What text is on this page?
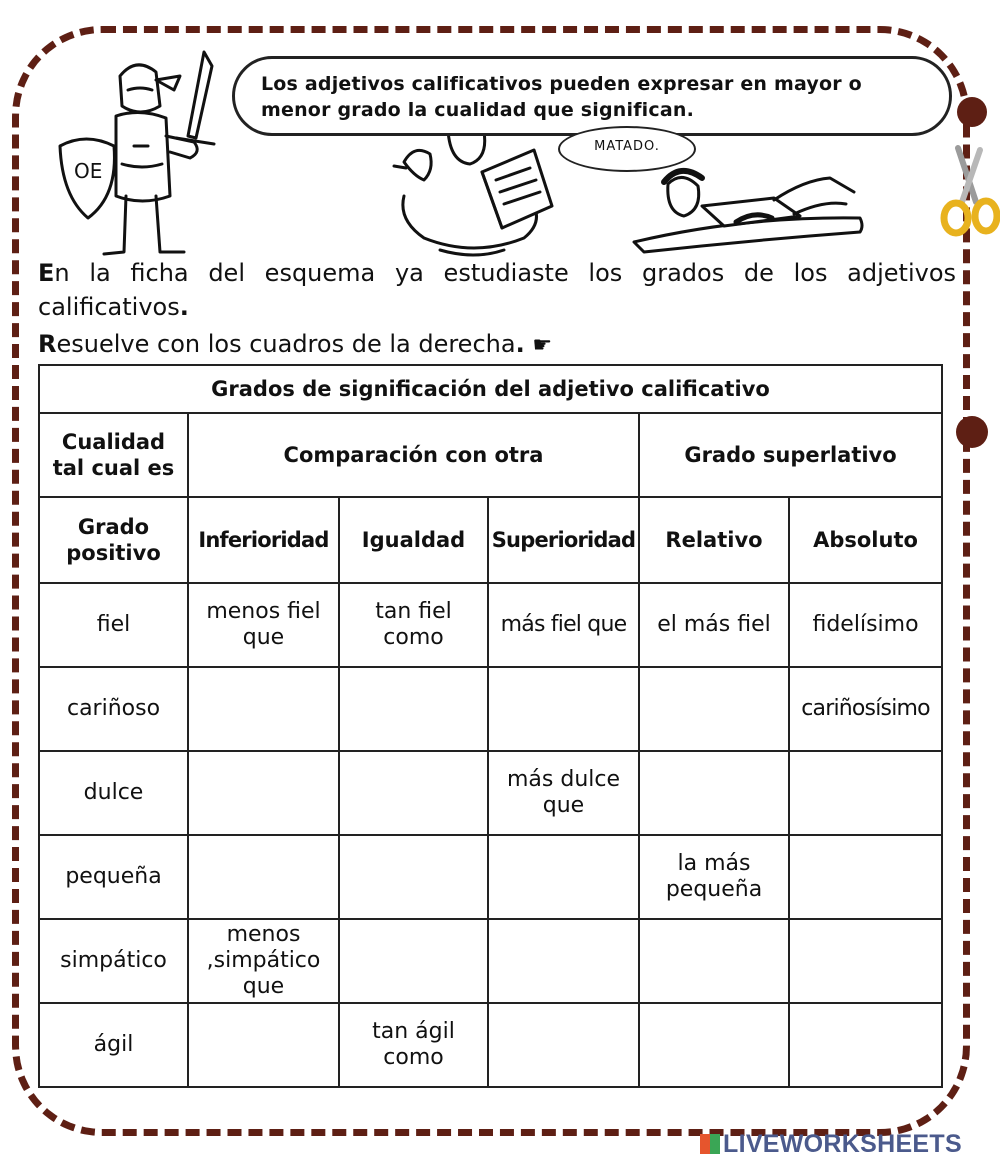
OE
Los adjetivos calificativos pueden expresar en mayor o
menor grado la cualidad que significan.
MATADO.
En la ficha del esquema ya estudiaste los grados de los adjetivos calificativos.
Resuelve con los cuadros de la derecha. ☛
Grados de significación del adjetivo calificativo					

Cualidad
tal cual es	Comparación con otra			Grado superlativo	

Grado
positivo	Inferioridad	Igualdad	Superioridad	Relativo	Absoluto
fiel	menos fiel que	tan fiel como	más fiel que	el más fiel	fidelísimo
cariñoso					cariñosísimo
dulce			más dulce que		
pequeña				la más pequeña	
simpático	menos ,simpático que				
ágil		tan ágil como			
LIVEWORKSHEETS
